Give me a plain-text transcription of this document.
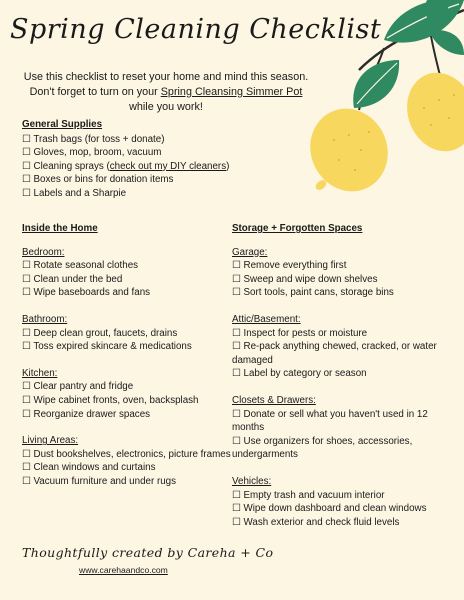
Spring Cleaning Checklist
Use this checklist to reset your home and mind this season.
Don't forget to turn on your Spring Cleansing Simmer Pot
while you work!
General Supplies
☐ Trash bags (for toss + donate)
☐ Gloves, mop, broom, vacuum
☐ Cleaning sprays (check out my DIY cleaners)
☐ Boxes or bins for donation items
☐ Labels and a Sharpie
Inside the Home
Bedroom:
☐ Rotate seasonal clothes
☐ Clean under the bed
☐ Wipe baseboards and fans
Bathroom:
☐ Deep clean grout, faucets, drains
☐ Toss expired skincare & medications
Kitchen:
☐ Clear pantry and fridge
☐ Wipe cabinet fronts, oven, backsplash
☐ Reorganize drawer spaces
Living Areas:
☐ Dust bookshelves, electronics, picture frames
☐ Clean windows and curtains
☐ Vacuum furniture and under rugs
Storage + Forgotten Spaces
Garage:
☐ Remove everything first
☐ Sweep and wipe down shelves
☐ Sort tools, paint cans, storage bins
Attic/Basement:
☐ Inspect for pests or moisture
☐ Re-pack anything chewed, cracked, or water damaged
☐ Label by category or season
Closets & Drawers:
☐ Donate or sell what you haven't used in 12 months
☐ Use organizers for shoes, accessories, undergarments
Vehicles:
☐ Empty trash and vacuum interior
☐ Wipe down dashboard and clean windows
☐ Wash exterior and check fluid levels
Thoughtfully created by Careha + Co
www.carehaandco.com
